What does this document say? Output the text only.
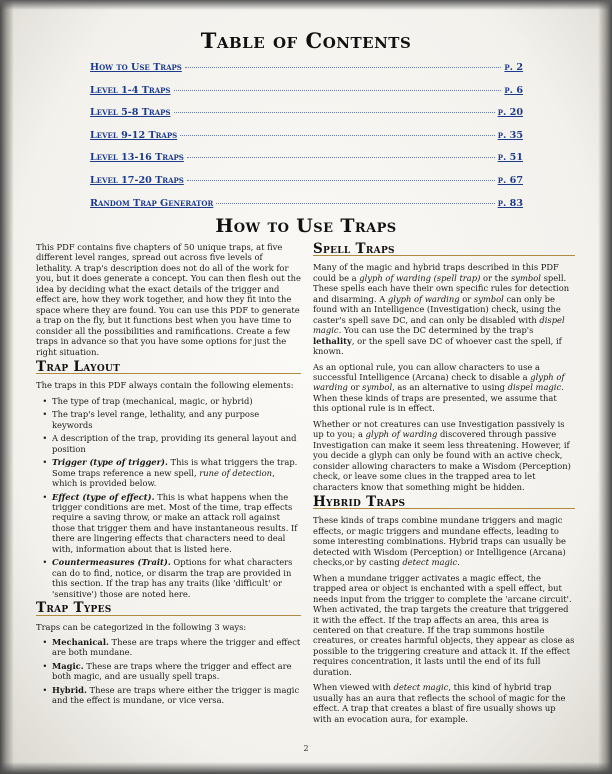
Table of Contents
How to Use Traps	p. 2
Level 1-4 Traps	p. 6
Level 5-8 Traps	p. 20
Level 9-12 Traps	p. 35
Level 13-16 Traps	p. 51
Level 17-20 Traps	p. 67
Random Trap Generator	p. 83
How to Use Traps

This PDF contains five chapters of 50 unique traps, at five different level ranges, spread out across five levels of lethality. A trap's description does not do all of the work for you, but it does generate a concept. You can then flesh out the idea by deciding what the exact details of the trigger and effect are, how they work together, and how they fit into the space where they are found. You can use this PDF to generate a trap on the fly, but it functions best when you have time to consider all the possibilities and ramifications. Create a few traps in advance so that you have some options for just the right situation.

Trap Layout

The traps in this PDF always contain the following elements:

• The type of trap (mechanical, magic, or hybrid)
• The trap's level range, lethality, and any purpose keywords
• A description of the trap, providing its general layout and position
• Trigger (type of trigger). This is what triggers the trap. Some traps reference a new spell, rune of detection, which is provided below.
• Effect (type of effect). This is what happens when the trigger conditions are met. Most of the time, trap effects require a saving throw, or make an attack roll against those that trigger them and have instantaneous results. If there are lingering effects that characters need to deal with, information about that is listed here.
• Countermeasures (Trait). Options for what characters can do to find, notice, or disarm the trap are provided in this section. If the trap has any traits (like 'difficult' or 'sensitive') those are noted here.
Trap Types

Traps can be categorized in the following 3 ways:

• Mechanical. These are traps where the trigger and effect are both mundane.
• Magic. These are traps where the trigger and effect are both magic, and are usually spell traps.
• Hybrid. These are traps where either the trigger is magic and the effect is mundane, or vice versa.
Spell Traps

Many of the magic and hybrid traps described in this PDF could be a glyph of warding (spell trap) or the symbol spell. These spells each have their own specific rules for detection and disarming. A glyph of warding or symbol can only be found with an Intelligence (Investigation) check, using the caster's spell save DC, and can only be disabled with dispel magic. You can use the DC determined by the trap's lethality, or the spell save DC of whoever cast the spell, if known.

As an optional rule, you can allow characters to use a successful Intelligence (Arcana) check to disable a glyph of warding or symbol, as an alternative to using dispel magic. When these kinds of traps are presented, we assume that this optional rule is in effect.

Whether or not creatures can use Investigation passively is up to you; a glyph of warding discovered through passive Investigation can make it seem less threatening. However, if you decide a glyph can only be found with an active check, consider allowing characters to make a Wisdom (Perception) check, or leave some clues in the trapped area to let characters know that something might be hidden.

Hybrid Traps

These kinds of traps combine mundane triggers and magic effects, or magic triggers and mundane effects, leading to some interesting combinations. Hybrid traps can usually be detected with Wisdom (Perception) or Intelligence (Arcana) checks,or by casting detect magic.

When a mundane trigger activates a magic effect, the trapped area or object is enchanted with a spell effect, but needs input from the trigger to complete the 'arcane circuit'. When activated, the trap targets the creature that triggered it with the effect. If the trap affects an area, this area is centered on that creature. If the trap summons hostile creatures, or creates harmful objects, they appear as close as possible to the triggering creature and attack it. If the effect requires concentration, it lasts until the end of its full duration.

When viewed with detect magic, this kind of hybrid trap usually has an aura that reflects the school of magic for the effect. A trap that creates a blast of fire usually shows up with an evocation aura, for example.

2
